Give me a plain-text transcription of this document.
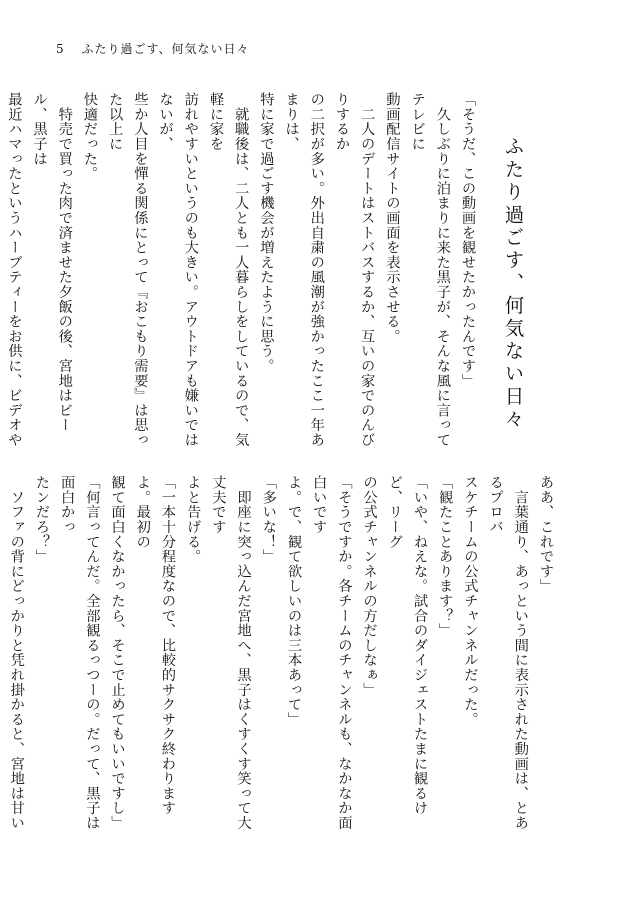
5 ふたり過ごす、何気ない日々
ふたり過ごす、何気ない日々

「そうだ、この動画を観せたかったんです」

　久しぶりに泊まりに来た黒子が、そんな風に言ってテレビに

動画配信サイトの画面を表示させる。

　二人のデートはストバスするか、互いの家でのんびりするか

の二択が多い。外出自粛の風潮が強かったここ一年あまりは、

特に家で過ごす機会が増えたように思う。

　就職後は、二人とも一人暮らしをしているので、気軽に家を

訪れやすいというのも大きい。アウトドアも嫌いではないが、

些か人目を憚る関係にとって『おこもり需要』は思った以上に

快適だった。

　特売で買った肉で済ませた夕飯の後、宮地はビール、黒子は

最近ハマったというハーブティーをお供に、ビデオや

ああ、これです」

　言葉通り、あっという間に表示された動画は、とあるプロバ

スケチームの公式チャンネルだった。

「観たことあります？」

「いや、ねえな。試合のダイジェストたまに観るけど、リーグ

の公式チャンネルの方だしなぁ」

「そうですか。各チームのチャンネルも、なかなか面白いです

よ。で、観て欲しいのは三本あって」

「多いな！」

　即座に突っ込んだ宮地へ、黒子はくすくす笑って大丈夫です

よと告げる。

「一本十分程度なので、比較的サクサク終わりますよ。最初の

観て面白くなかったら、そこで止めてもいいですし」

「何言ってんだ。全部観るっつーの。だって、黒子は面白かっ

たンだろ？」

　ソファの背にどっかりと凭れ掛かると、宮地は甘い
